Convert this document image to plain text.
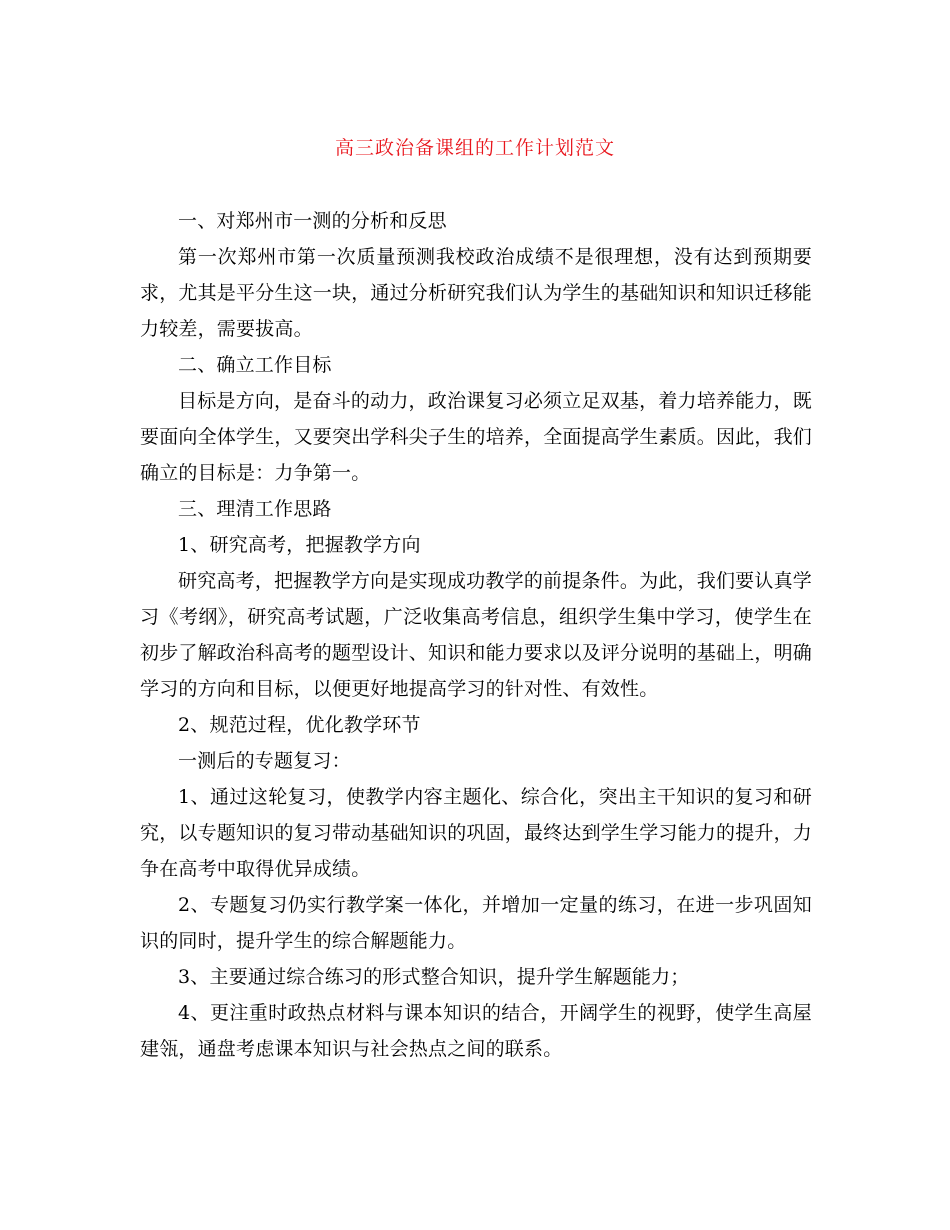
高三政治备课组的工作计划范文

一、对郑州市一测的分析和反思

第一次郑州市第一次质量预测我校政治成绩不是很理想，没有达到预期要求，尤其是平分生这一块，通过分析研究我们认为学生的基础知识和知识迁移能力较差，需要拔高。

二、确立工作目标

目标是方向，是奋斗的动力，政治课复习必须立足双基，着力培养能力，既要面向全体学生，又要突出学科尖子生的培养，全面提高学生素质。因此，我们确立的目标是：力争第一。

三、理清工作思路

1、研究高考，把握教学方向

研究高考，把握教学方向是实现成功教学的前提条件。为此，我们要认真学习《考纲》，研究高考试题，广泛收集高考信息，组织学生集中学习，使学生在初步了解政治科高考的题型设计、知识和能力要求以及评分说明的基础上，明确学习的方向和目标，以便更好地提高学习的针对性、有效性。

2、规范过程，优化教学环节

一测后的专题复习：

1、通过这轮复习，使教学内容主题化、综合化，突出主干知识的复习和研究，以专题知识的复习带动基础知识的巩固，最终达到学生学习能力的提升，力争在高考中取得优异成绩。

2、专题复习仍实行教学案一体化，并增加一定量的练习，在进一步巩固知识的同时，提升学生的综合解题能力。

3、主要通过综合练习的形式整合知识，提升学生解题能力；

4、更注重时政热点材料与课本知识的结合，开阔学生的视野，使学生高屋建瓴，通盘考虑课本知识与社会热点之间的联系。
